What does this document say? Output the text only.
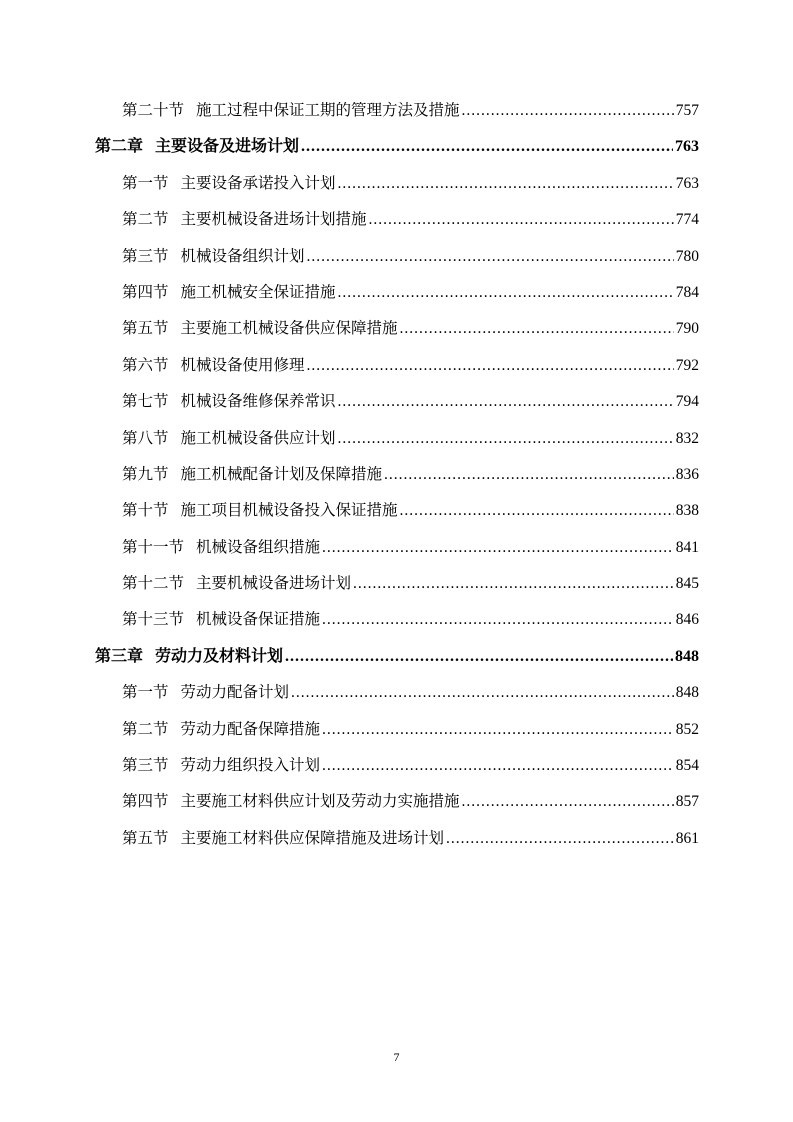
第二十节 施工过程中保证工期的管理方法及措施 .....	757
第二章 主要设备及进场计划 .....	763
第一节 主要设备承诺投入计划 .....	763
第二节 主要机械设备进场计划措施 .....	774
第三节 机械设备组织计划 .....	780
第四节 施工机械安全保证措施 .....	784
第五节 主要施工机械设备供应保障措施 .....	790
第六节 机械设备使用修理 .....	792
第七节 机械设备维修保养常识 .....	794
第八节 施工机械设备供应计划 .....	832
第九节 施工机械配备计划及保障措施 .....	836
第十节 施工项目机械设备投入保证措施 .....	838
第十一节 机械设备组织措施 .....	841
第十二节 主要机械设备进场计划 .....	845
第十三节 机械设备保证措施 .....	846
第三章 劳动力及材料计划 .....	848
第一节 劳动力配备计划 .....	848
第二节 劳动力配备保障措施 .....	852
第三节 劳动力组织投入计划 .....	854
第四节 主要施工材料供应计划及劳动力实施措施 .....	857
第五节 主要施工材料供应保障措施及进场计划 .....	861
7
